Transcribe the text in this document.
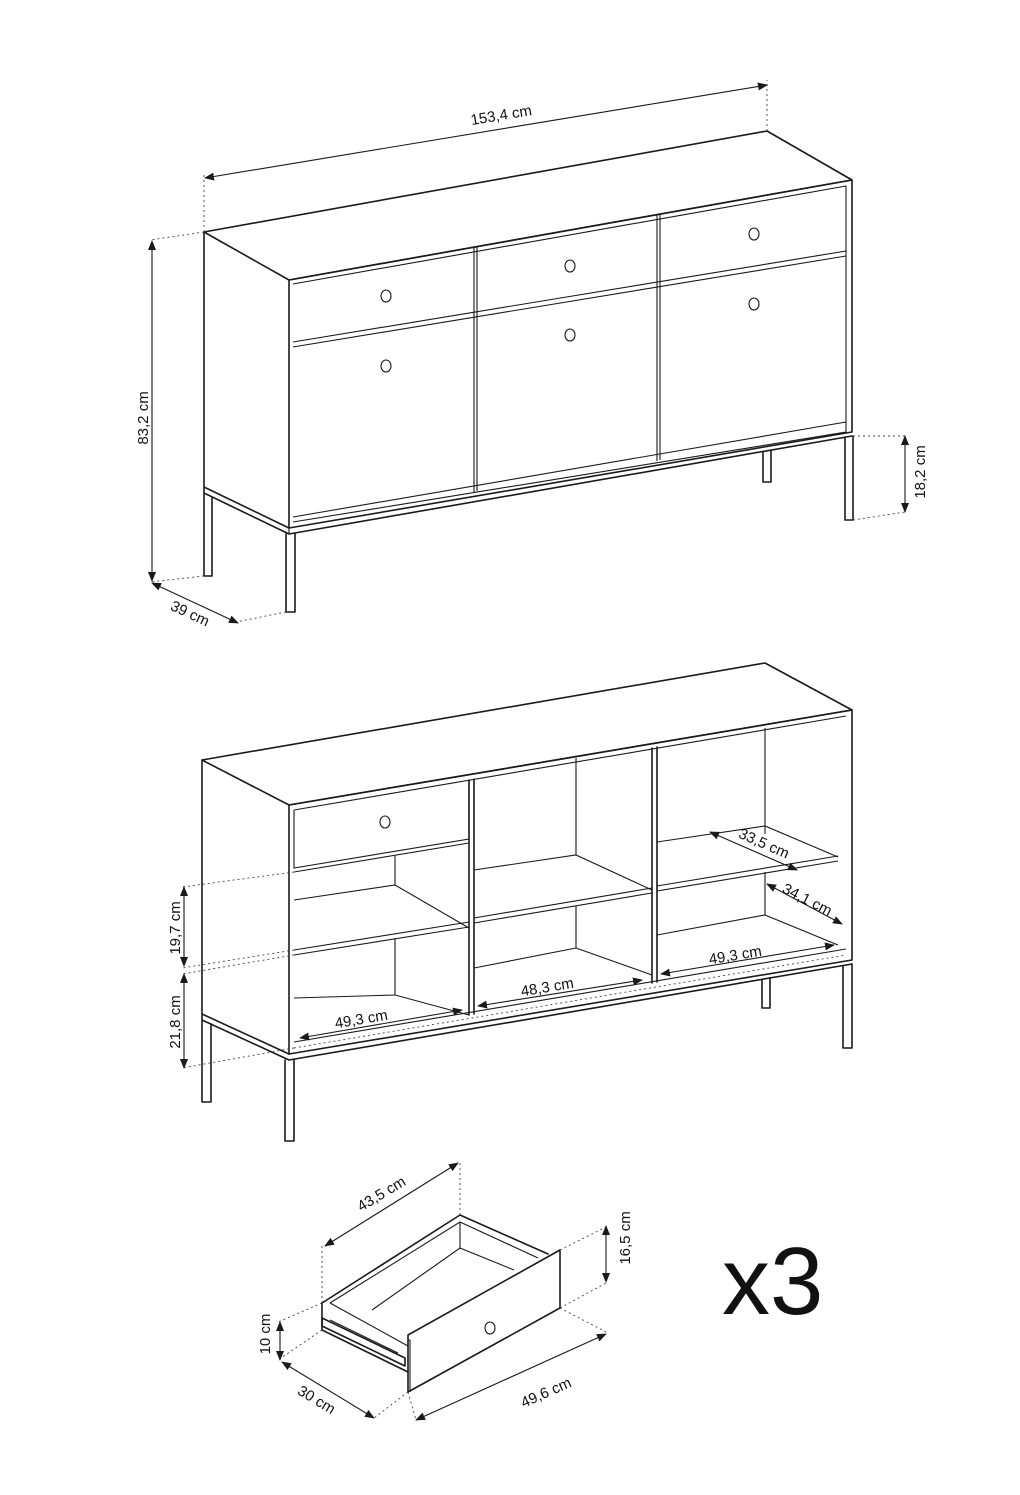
153,4 cm
83,2 cm
39 cm
18,2 cm
19,7 cm
21,8 cm	49,3 cm
48,3 cm
49,3 cm
33,5 cm
34,1 cm
43,5 cm
16,5 cm
10 cm
30 cm	49,6 cm
x3
